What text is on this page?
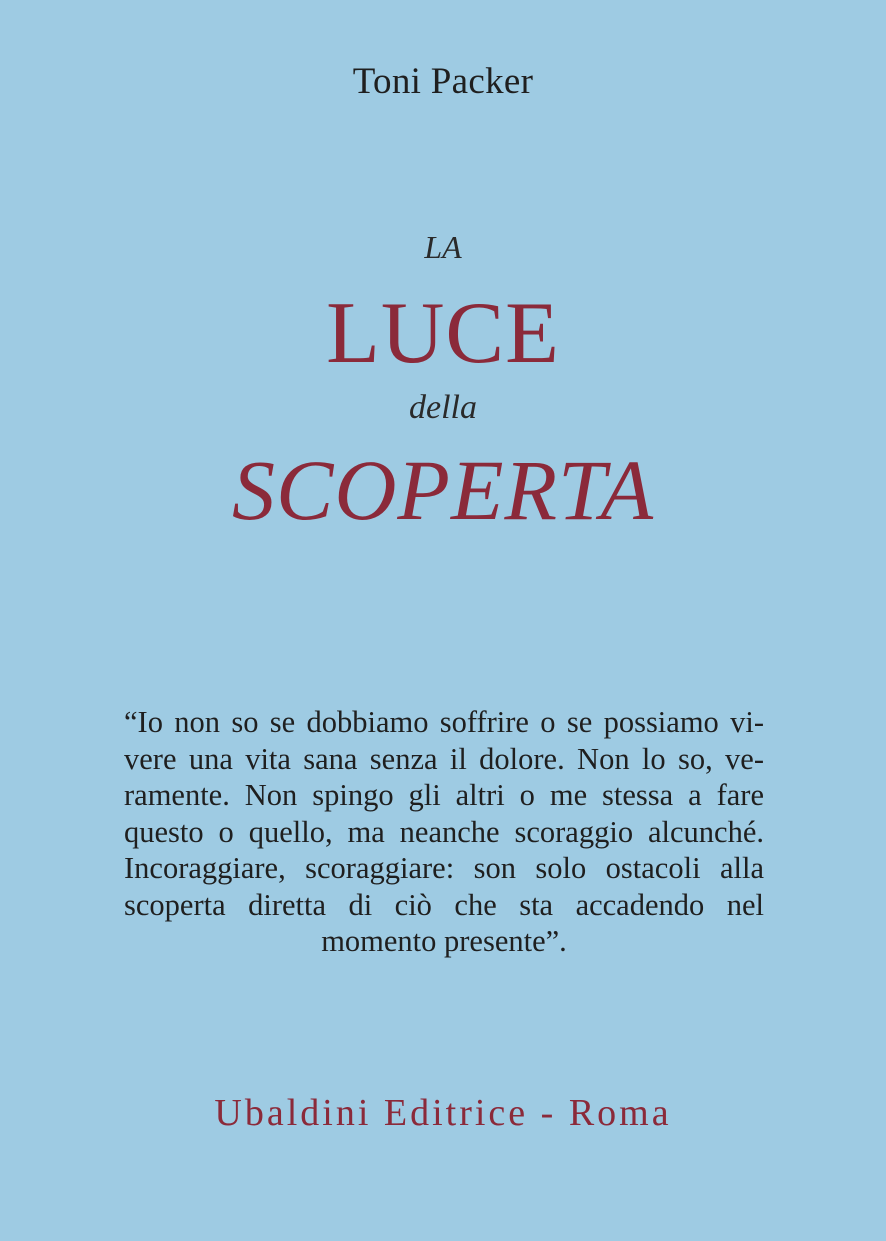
Toni Packer
LA
LUCE
della
SCOPERTA
“Io non so se dobbiamo soffrire o se possiamo vi-
vere una vita sana senza il dolore. Non lo so, ve-
ramente. Non spingo gli altri o me stessa a fare
questo o quello, ma neanche scoraggio alcunché.
Incoraggiare, scoraggiare: son solo ostacoli alla
scoperta diretta di ciò che sta accadendo nel
momento presente”.
Ubaldini Editrice - Roma
